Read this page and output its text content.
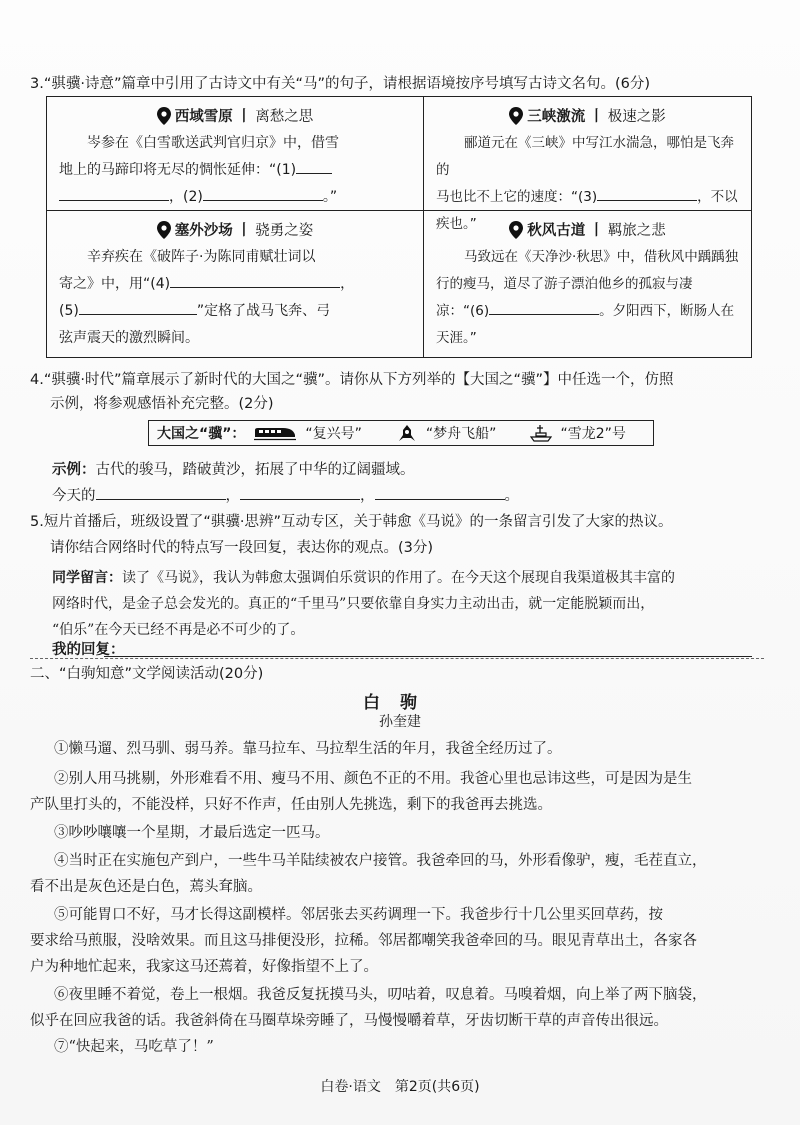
3.“骐骥·诗意”篇章中引用了古诗文中有关“马”的句子，请根据语境按序号填写古诗文名句。(6分)
西域雪原 丨 离愁之思

岑参在《白雪歌送武判官归京》中，借雪

地上的马蹄印将无尽的惆怅延伸：“(1)

，(2)	。”

三峡激流 丨 极速之影

郦道元在《三峡》中写江水湍急，哪怕是飞奔的

马也比不上它的速度：“(3)	，不以

疾也。”

塞外沙场 丨 骁勇之姿

辛弃疾在《破阵子·为陈同甫赋壮词以

寄之》中，用“(4)	，

(5)	”定格了战马飞奔、弓

弦声震天的激烈瞬间。

秋风古道 丨 羁旅之悲

马致远在《天净沙·秋思》中，借秋风中踽踽独

行的瘦马，道尽了游子漂泊他乡的孤寂与凄

凉：“(6)	。夕阳西下，断肠人在

天涯。”

4.“骐骥·时代”篇章展示了新时代的大国之“骥”。请你从下方列举的【大国之“骥”】中任选一个，仿照
示例，将参观感悟补充完整。(2分)
大国之“骥”：	“复兴号”	“梦舟飞船”	“雪龙2”号
示例：古代的骏马，踏破黄沙，拓展了中华的辽阔疆域。
今天的	，	，	。
5.短片首播后，班级设置了“骐骥·思辨”互动专区，关于韩愈《马说》的一条留言引发了大家的热议。
请你结合网络时代的特点写一段回复，表达你的观点。(3分)
同学留言：读了《马说》，我认为韩愈太强调伯乐赏识的作用了。在今天这个展现自我渠道极其丰富的
网络时代，是金子总会发光的。真正的“千里马”只要依靠自身实力主动出击，就一定能脱颖而出，
“伯乐”在今天已经不再是必不可少的了。
我的回复：
二、“白驹知意”文学阅读活动(20分)
白驹
孙奎建
①懒马遛、烈马驯、弱马养。靠马拉车、马拉犁生活的年月，我爸全经历过了。
②别人用马挑剔，外形难看不用、瘦马不用、颜色不正的不用。我爸心里也忌讳这些，可是因为是生
产队里打头的，不能没样，只好不作声，任由别人先挑选，剩下的我爸再去挑选。
③吵吵嚷嚷一个星期，才最后选定一匹马。
④当时正在实施包产到户，一些牛马羊陆续被农户接管。我爸牵回的马，外形看像驴，瘦，毛茬直立，
看不出是灰色还是白色，蔫头耷脑。
⑤可能胃口不好，马才长得这副模样。邻居张去买药调理一下。我爸步行十几公里买回草药，按
要求给马煎服，没啥效果。而且这马排便没形，拉稀。邻居都嘲笑我爸牵回的马。眼见青草出土，各家各
户为种地忙起来，我家这马还蔫着，好像指望不上了。
⑥夜里睡不着觉，卷上一根烟。我爸反复抚摸马头，叨咕着，叹息着。马嗅着烟，向上举了两下脑袋，
似乎在回应我爸的话。我爸斜倚在马圈草垛旁睡了，马慢慢嚼着草，牙齿切断干草的声音传出很远。
⑦“快起来，马吃草了！”
白卷·语文　第2页(共6页)
